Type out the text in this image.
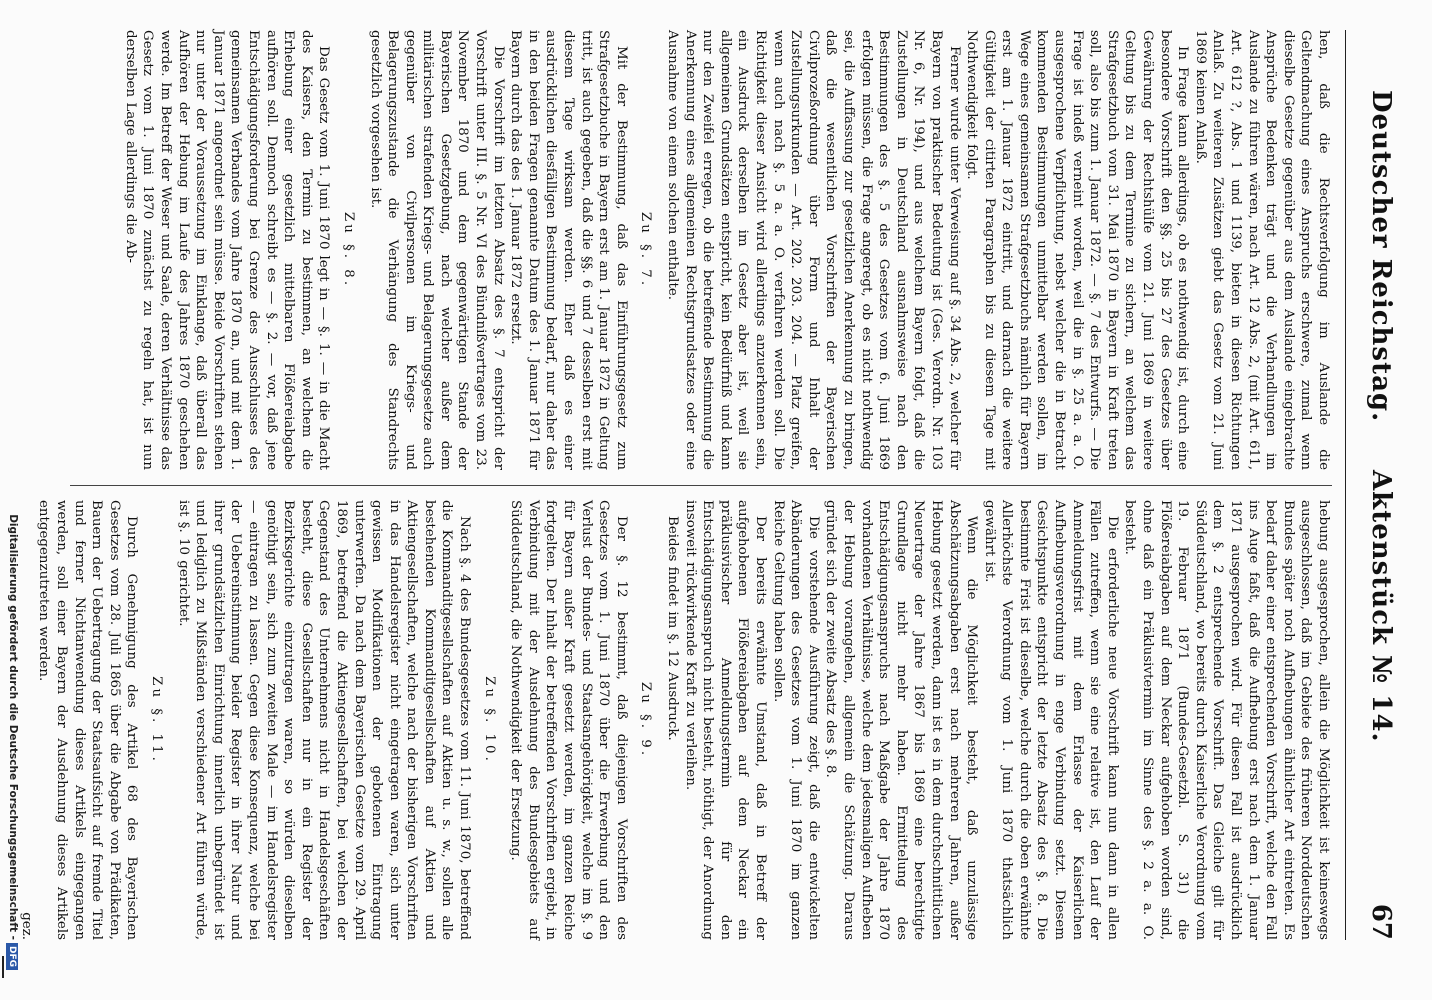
Deutscher Reichstag.
Aktenstück№ 14.
67

hen, daß die Rechtsverfolgung im Auslande die Geltendmachung eines Anspruchs erschwere, zumal wenn dieselbe Gesetze gegenüber aus dem Auslande eingebrachte Ansprüche Bedenken trägt und die Verhandlungen im Auslande zu führen wären, nach Art. 12 Abs. 2, (mit Art. 611, Art. 612 ?, Abs. 1 und 1139, bieten in diesen Richtungen Anlaß. Zu weiteren Zusätzen giebt das Gesetz vom 21. Juni 1869 keinen Anlaß.

In Frage kann allerdings, ob es nothwendig ist, durch eine besondere Vorschrift den §§. 25 bis 27 des Gesetzes über Gewährung der Rechtshülfe vom 21. Juni 1869 in weitere Geltung bis zu dem Termine zu sichern, an welchem das Strafgesetzbuch vom 31. Mai 1870 in Bayern in Kraft treten soll, also bis zum 1. Januar 1872. — §. 7 des Entwurfs. — Die Frage ist indeß verneint worden, weil die in §. 25 a. a. O. ausgesprochene Verpflichtung, nebst welcher die in Betracht kommenden Bestimmungen unmittelbar werden sollen, im Wege eines gemeinsamen Strafgesetzbuchs nämlich für Bayern erst am 1. Januar 1872 eintritt, und darnach die weitere Gültigkeit der citirten Paragraphen bis zu diesem Tage mit Nothwendigkeit folgt.

Ferner wurde unter Verweisung auf §. 34 Abs. 2, welcher für Bayern von praktischer Bedeutung ist (Ges. Verordn. Nr. 103 Nr. 6, Nr. 194), und aus welchem Bayern folgt, daß die Zustellungen in Deutschland ausnahmsweise nach den Bestimmungen des §. 5 des Gesetzes vom 6. Juni 1869 erfolgen müssen, die Frage angeregt, ob es nicht nothwendig sei, die Auffassung zur gesetzlichen Anerkennung zu bringen, daß die wesentlichen Vorschriften der Bayerischen Civilprozeßordnung über Form und Inhalt der Zustellungsurkunden — Art. 202. 203. 204. — Platz greifen, wenn auch nach §. 5 a. a. O. verfahren werden soll. Die Richtigkeit dieser Ansicht wird allerdings anzuerkennen sein, ein Ausdruck derselben im Gesetz aber ist, weil sie allgemeinen Grundsätzen entspricht, kein Bedürfniß und kann nur den Zweifel erregen, ob die betreffende Bestimmung die Anerkennung eines allgemeinen Rechtsgrundsatzes oder eine Ausnahme von einem solchen enthalte.

Zu §. 7.

Mit der Bestimmung, daß das Einführungsgesetz zum Strafgesetzbuche in Bayern erst am 1. Januar 1872 in Geltung tritt, ist auch gegeben, daß die §§. 6 und 7 desselben erst mit diesem Tage wirksam werden. Eher daß es einer ausdrücklichen diesfälligen Bestimmung bedarf, nur daher das in den beiden Fragen genannte Datum des 1. Januar 1871 für Bayern durch das des 1. Januar 1872 ersetzt.

Die Vorschrift im letzten Absatz des §. 7 entspricht der Vorschrift unter III. §. 5 Nr. VI des Bündnißvertrages vom 23. November 1870 und dem gegenwärtigen Stande der Bayerischen Gesetzgebung, nach welcher außer dem militärischen strafenden Kriegs- und Belagerungsgesetze auch gegenüber von Civilpersonen im Kriegs- und Belagerungszustande die Verhängung des Standrechts gesetzlich vorgesehen ist.

Zu §. 8.

Das Gesetz vom 1. Juni 1870 legt in — §. 1. — in die Macht des Kaisers, den Termin zu bestimmen, an welchem die Erhebung einer gesetzlich mittelbaren Flößereiabgabe aufhören soll. Dennoch schreibt es — §. 2. — vor, daß jene Entschädigungsforderung bei Grenze des Ausschlusses des gemeinsamen Verbandes vom Jahre 1870 an, und mit dem 1. Januar 1871 angeordnet sein müsse. Beide Vorschriften stehen nur unter der Voraussetzung im Einklange, daß überall das Aufhören der Hebung im Laufe des Jahres 1870 geschehen werde. Im Betreff der Weser und Saale, deren Verhältnisse das Gesetz vom 1. Juni 1870 zunächst zu regeln hat, ist nun derselben Lage allerdings die Ab-

hebung ausgesprochen, allein die Möglichkeit ist keineswegs ausgeschlossen, daß im Gebiete des früheren Norddeutschen Bundes später noch Aufhebungen ähnlicher Art eintreten. Es bedarf daher einer entsprechenden Vorschrift, welche den Fall ins Auge faßt, daß die Aufhebung erst nach dem 1. Januar 1871 ausgesprochen wird. Für diesen Fall ist ausdrücklich dem §. 2 entsprechende Vorschrift. Das Gleiche gilt für Süddeutschland, wo bereits durch Kaiserliche Verordnung vom 19. Februar 1871 (Bundes-Gesetzbl. S. 31) die Flößereiabgaben auf dem Neckar aufgehoben worden sind, ohne daß ein Präklusivtermin im Sinne des §. 2 a. a. O. besteht.

Die erforderliche neue Vorschrift kann nun dann in allen Fällen zutreffen, wenn sie eine relative ist, den Lauf der Anmeldungsfrist mit dem Erlasse der Kaiserlichen Aufhebungsverordnung in enge Verbindung setzt. Diesem Gesichtspunkte entspricht der letzte Absatz des §. 8. Die bestimmte Frist ist dieselbe, welche durch die oben erwähnte Allerhöchste Verordnung vom 1. Juni 1870 thatsächlich gewährt ist.

Wenn die Möglichkeit besteht, daß unzulässige Abschätzungsabgaben erst nach mehreren Jahren, außer Hebung gesetzt werden, dann ist es in dem durchschnittlichen Neuertrage der Jahre 1867 bis 1869 eine berechtigte Grundlage nicht mehr haben. Ermittelung des Entschädigungsanspruchs nach Maßgabe der Jahre 1870 vorhandenen Verhältnisse, welche dem jedesmaligen Aufheben der Hebung vorangehen, allgemein die Schätzung. Daraus gründet sich der zweite Absatz des §. 8.

Die vorstehende Ausführung zeigt, daß die entwickelten Abänderungen des Gesetzes vom 1. Juni 1870 im ganzen Reiche Geltung haben sollen.

Der bereits erwähnte Umstand, daß in Betreff der aufgehobenen Flößereiabgaben auf dem Neckar ein präklusivischer Anmeldungstermin für den Entschädigungsanspruch nicht besteht, nöthigt, der Anordnung insoweit rückwirkende Kraft zu verleihen.

Beides findet im §. 12 Ausdruck.

Zu §. 9.

Der §. 12 bestimmt, daß diejenigen Vorschriften des Gesetzes vom 1. Juni 1870 über die Erwerbung und den Verlust der Bundes- und Staatsangehörigkeit, welche im §. 9 für Bayern außer Kraft gesetzt werden, im ganzen Reiche fortgelten. Der Inhalt der betreffenden Vorschriften ergiebt, in Verbindung mit der Ausdehnung des Bundesgebiets auf Süddeutschland, die Nothwendigkeit der Ersetzung.

Zu §. 10.

Nach §. 4 des Bundesgesetzes vom 11. Juni 1870, betreffend die Kommanditgesellschaften auf Aktien u. s. w., sollen alle bestehenden Kommanditgesellschaften auf Aktien und Aktiengesellschaften, welche nach der bisherigen Vorschriften in das Handelsregister nicht eingetragen waren, sich unter gewissen Modifikationen der gebotenen Eintragung unterwerfen. Da nach dem Bayerischen Gesetze vom 29. April 1869, betreffend die Aktiengesellschaften, bei welchen der Gegenstand des Unternehmens nicht in Handelsgeschäften besteht, diese Gesellschaften nur in ein Register der Bezirksgerichte einzutragen waren, so würden dieselben genöthigt sein, sich zum zweiten Male — im Handelsregister — eintragen zu lassen. Gegen diese Konsequenz, welche bei der Uebereinstimmung beider Register in ihrer Natur und ihrer grundsätzlichen Einrichtung innerlich unbegründet ist und lediglich zu Mißständen verschiedener Art führen würde, ist §. 10 gerichtet.

Zu §. 11.

Durch Genehmigung des Artikel 68 des Bayerischen Gesetzes vom 28. Juli 1865 über die Abgabe von Prädikaten, Bauern der Uebertragung der Staatsaufsicht auf fremde Titel und ferner Nichtanwendung dieses Artikels eingegangen werden, soll einer Bayern der Ausdehnung dieses Artikels entgegenzutreten werden.

gez.

Digitalisierung gefördert durch die Deutsche Forschungsgemeinschaft -DFG
